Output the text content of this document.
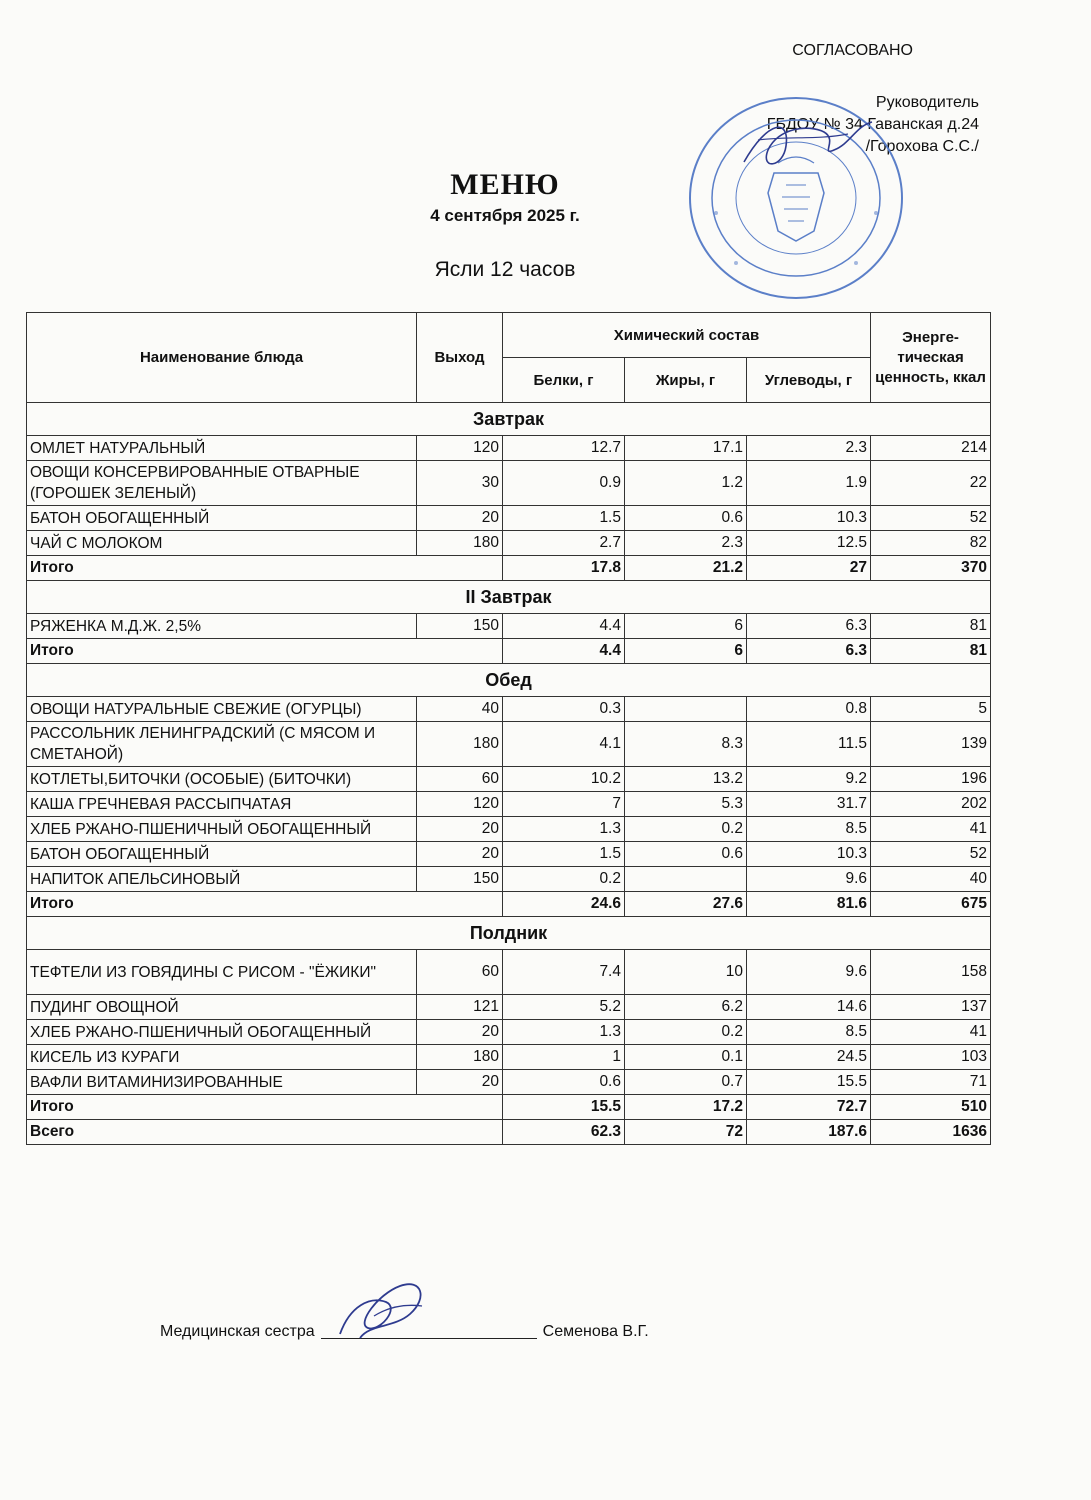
СОГЛАСОВАНО
Руководитель
ГБДОУ № 34 Гаванская д.24
/Горохова С.С./
МЕНЮ
4 сентября 2025 г.
Ясли 12 часов
Наименование блюда	Выход	Химический состав			Энерге-тическая ценность, ккал
		Белки, г	Жиры, г	Углеводы, г	
Завтрак					
ОМЛЕТ НАТУРАЛЬНЫЙ	120	12.7	17.1	2.3	214
ОВОЩИ КОНСЕРВИРОВАННЫЕ ОТВАРНЫЕ (ГОРОШЕК ЗЕЛЕНЫЙ)	30	0.9	1.2	1.9	22
БАТОН ОБОГАЩЕННЫЙ	20	1.5	0.6	10.3	52
ЧАЙ С МОЛОКОМ	180	2.7	2.3	12.5	82
Итого		17.8	21.2	27	370
II Завтрак					
РЯЖЕНКА М.Д.Ж. 2,5%	150	4.4	6	6.3	81
Итого		4.4	6	6.3	81
Обед					
ОВОЩИ НАТУРАЛЬНЫЕ СВЕЖИЕ (ОГУРЦЫ)	40	0.3		0.8	5
РАССОЛЬНИК ЛЕНИНГРАДСКИЙ (С МЯСОМ И СМЕТАНОЙ)	180	4.1	8.3	11.5	139
КОТЛЕТЫ,БИТОЧКИ (ОСОБЫЕ) (БИТОЧКИ)	60	10.2	13.2	9.2	196
КАША ГРЕЧНЕВАЯ РАССЫПЧАТАЯ	120	7	5.3	31.7	202
ХЛЕБ РЖАНО-ПШЕНИЧНЫЙ ОБОГАЩЕННЫЙ	20	1.3	0.2	8.5	41
БАТОН ОБОГАЩЕННЫЙ	20	1.5	0.6	10.3	52
НАПИТОК АПЕЛЬСИНОВЫЙ	150	0.2		9.6	40
Итого		24.6	27.6	81.6	675
Полдник					
ТЕФТЕЛИ ИЗ ГОВЯДИНЫ С РИСОМ - "ЁЖИКИ"	60	7.4	10	9.6	158
ПУДИНГ ОВОЩНОЙ	121	5.2	6.2	14.6	137
ХЛЕБ РЖАНО-ПШЕНИЧНЫЙ ОБОГАЩЕННЫЙ	20	1.3	0.2	8.5	41
КИСЕЛЬ ИЗ КУРАГИ	180	1	0.1	24.5	103
ВАФЛИ ВИТАМИНИЗИРОВАННЫЕ	20	0.6	0.7	15.5	71
Итого		15.5	17.2	72.7	510
Всего		62.3	72	187.6	1636
Медицинская сестра	Семенова В.Г.
